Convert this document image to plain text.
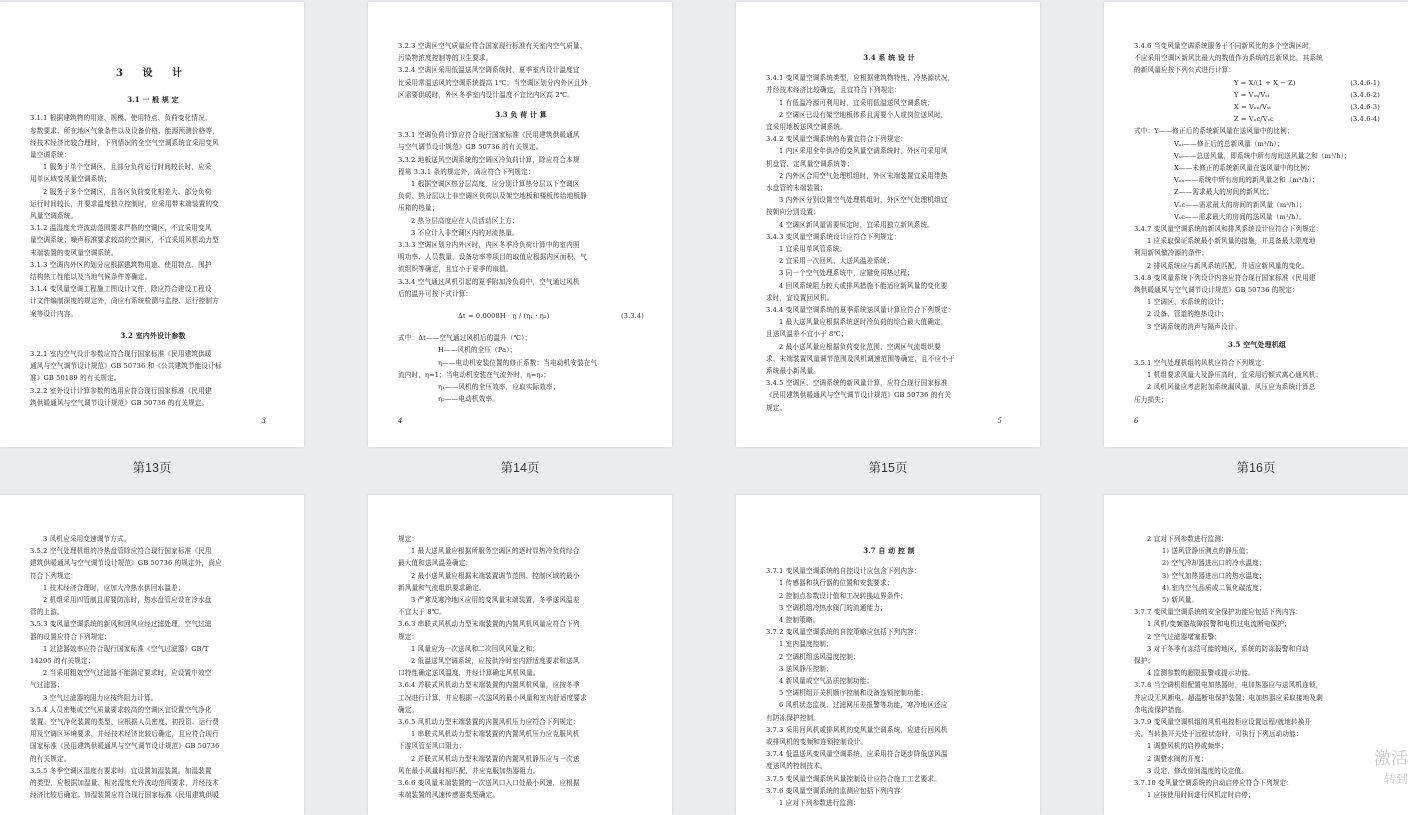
3 设 计
3.1 一 般 规 定
3.1.1 根据建筑物的用途、规模、使用特点、负荷变化情况、
参数要求、所在地区气象条件以及设备价格、能源预测价格等，
经技术经济比较合理时，下列情况的全空气空调系统宜采用变风
量空调系统：
1 服务于单个空调区，且部分负荷运行时间较长时，应采
用单区域变风量空调系统；
2 服务于多个空调区，且各区负荷变化相差大、部分负荷
运行时间较长，并要求温度独立控制时，应采用带末端装置的变
风量空调系统。
3.1.2 温湿度允许波动范围要求严格的空调区，不宜采用变风
量空调系统；噪声标准要求较高的空调区，不宜采用风机动力型
末端装置的变风量空调系统。
3.1.3 空调内外区的划分应根据建筑物用途、使用特点、围护
结构热工性能以及当地气候条件等确定。
3.1.4 变风量空调工程施工图设计文件，除应符合建设工程设
计文件编制深度的规定外，尚应有系统检测与监控、运行控制方
案等设计内容。
3.2 室内外设计参数
3.2.1 室内空气设计参数应符合现行国家标准《民用建筑供暖
通风与空气调节设计规范》GB 50736 和《公共建筑节能设计标
准》GB 50189 的有关规定。
3.2.2 室外设计计算参数的选用应符合现行国家标准《民用建
筑供暖通风与空气调节设计规范》GB 50736 的有关规定。
3
3.2.3 空调区空气质量应符合国家现行标准有关室内空气质量、
污染物浓度控制等的卫生要求。
3.2.4 空调区采用低温送风空调系统时，夏季室内设计温度宜
比采用常温送风的空调系统提高 1℃；当空调区划分内外区且外
区需要供暖时，外区冬季室内设计温度不宜比内区高 2℃。
3.3 负 荷 计 算
3.3.1 空调负荷计算应符合现行国家标准《民用建筑供暖通风
与空气调节设计规范》GB 50736 的有关规定。
3.3.2 地板送风空调系统的空调区冷负荷计算，除应符合本规
程第 3.3.1 条的规定外，尚应符合下列规定：
1 根据空调区热分层高度，应分别计算热分层以下空调区
负荷、热分层以上非空调区负荷以及架空地板和楼板传给地板静
压箱的热量；
2 热分层高度应在人员活动区上方；
3 不应计入非空调区内的对流热量。
3.3.3 空调区划分内外区时，内区冬季冷负荷计算中的室内照
明功率、人员数量、设备功率等项目的取值应根据内区面积、气
流组织等确定，且宜小于夏季的取值。
3.3.4 空气通过风机引起的夏季附加冷负荷中，空气通过风机
后的温升可按下式计算：
Δt = 0.0008H · η / (η₁ · η₂)	(3.3.4)
式中：Δt——空气通过风机后的温升（℃）；
H——风机的全压（Pa）；
η——电动机安装位置的修正系数：当电动机安装在气
流内时，η=1；当电动机安装在气流外时，η=η₂；
η₁——风机的全压效率，应取实际效率；
η₂——电动机效率。
4
3.4 系 统 设 计
3.4.1 变风量空调系统类型，应根据建筑物特性、冷热源状况，
并经技术经济比较确定，且宜符合下列规定：
1 有低温冷源可利用时，宜采用低温送风空调系统；
2 空调区已设有架空地板体系且需要个人或岗位送风时，
宜采用地板送风空调系统。
3.4.2 变风量空调系统的布置宜符合下列规定：
1 内区采用全年供冷的变风量空调系统时，外区可采用风
机盘管、定风量空调系统等；
2 内外区合用空气处理机组时，外区末端装置宜采用带热
水盘管的末端装置；
3 内外区分别设置空气处理机组时，外区空气处理机组宜
按朝向分别设置；
4 空调区新风量需要恒定时，宜采用独立新风系统。
3.4.3 变风量空调系统设计应符合下列规定：
1 宜采用单风管系统；
2 宜采用一次回风、大送风温差系统；
3 同一个空气处理系统中，应避免再热过程；
4 回风系统阻力较大或排风措施不能适应新风量的变化要
求时，宜设置回风机。
3.4.4 变风量空调系统的夏季系统送风量计算应符合下列规定：
1 最大送风量应根据系统逐时冷负荷的综合最大值确定，
且送风温差不宜小于 8℃；
2 最小送风量应根据负荷变化范围、空调区气流组织要
求、末端装置风量调节范围及风机调速范围等确定，且不应小于
系统最小新风量。
3.4.5 空调区、空调系统的新风量计算，应符合现行国家标准
《民用建筑供暖通风与空气调节设计规范》GB 50736 的有关
规定。
5
3.4.6 当变风量空调系统服务于不同新风比的多个空调区时，
不应采用空调区新风比最大的数值作为系统的总新风比，其系统
的新风量应按下列公式进行计算：
Y = X/(1 + X − Z)	(3.4.6-1)
Y = Vₒₜ/Vₛₜ	(3.4.6-2)
X = Vₒₙ/Vₛₜ	(3.4.6-3)
Z = Vₒc/Vₛc	(3.4.6-4)
式中：Y——修正后的系统新风量在送风量中的比例；
Vₒₜ——修正后的总新风量（m³/h）；
Vₛₜ——总送风量，即系统中所有房间送风量之和（m³/h）；
X——未修正的系统新风量在送风量中的比例；
Vₒₙ——系统中所有房间的新风量之和（m³/h）；
Z——需求最大的房间的新风比；
Vₒc——需求最大的房间的新风量（m³/h）；
Vₛc——需求最大的房间的送风量（m³/h）。
3.4.7 变风量空调系统的新风和排风系统设计应符合下列规定：
1 应采取保证系统最小新风量的措施，并具备最大限度地
利用新风做冷源的条件；
2 排风系统应与新风系统匹配，并适应新风量的变化。
3.4.8 变风量系统下列设计内容应符合现行国家标准《民用建
筑供暖通风与空气调节设计规范》GB 50736 的规定：
1 空调区、水系统的设计；
2 设备、管道的绝热设计；
3 空调系统的消声与隔声设计。
3.5 空气处理机组
3.5.1 空气处理机组的风机应符合下列规定：
1 机组要求风量大及静压高时，宜采用后倾式离心通风机；
2 风机风量应考虑附加系统漏风量，风压应为系统计算总
压力损失；
6
第13页	第14页	第15页	第16页
3 风机应采用变速调节方式。
3.5.2 空气处理机组的冷热盘管除应符合现行国家标准《民用
建筑供暖通风与空气调节设计规范》GB 50736 的规定外，尚应
符合下列规定：
1 技术经济合理时，应加大冷热水供回水温差；
2 机组采用四管制且需要防冻时，热水盘管应设在冷水盘
管的上游。
3.5.3 变风量空调系统的新风和回风应经过滤处理，空气过滤
器的设置应符合下列规定：
1 过滤器效率应符合现行国家标准《空气过滤器》GB/T
14295 的有关规定；
2 当采用粗效空气过滤器不能满足要求时，应设置中效空
气过滤器；
3 空气过滤器的阻力应按终阻力计算。
3.5.4 人员密集或空气质量要求较高的空调区宜设置空气净化
装置。空气净化装置的类型，应根据人员密度、初投资、运行费
用及空调区环境要求，并经技术经济比较后确定，且应符合现行
国家标准《民用建筑供暖通风与空气调节设计规范》GB 50736
的有关规定。
3.5.5 冬季空调区湿度有要求时，宜设置加湿装置。加湿装置
的类型，应根据加湿量、相对湿度允许波动范围要求，并经技术
经济比较后确定。加湿装置应符合现行国家标准《民用建筑供暖
规定：
1 最大送风量应根据所服务空调区的逐时显热冷负荷综合
最大值和送风温差确定；
2 最小送风量应根据末端装置调节范围、控制区域的最小
新风量和气流组织要求确定。
3 严寒及寒冷地区应用的变风量末端装置，冬季送风温差
不宜大于 8℃。
3.6.3 串联式风机动力型末端装置的内置风机风量应符合下列
规定：
1 风量应为一次送风和二次回风风量之和；
2 低温送风空调系统，应按供冷时室内舒适度要求和送风
口特性确定送风温度，并经计算确定风机风量。
3.6.4 并联式风机动力型末端装置的内置风机风量，应按冬季
工况进行计算，并应根据一次送风的最小风量和室内舒适度要求
确定。
3.6.5 风机动力型末端装置的内置风机压力应符合下列规定：
1 串联式风机动力型末端装置的内置风机压力应克服风机
下游风管至风口阻力；
2 并联式风机动力型末端装置的内置风机静压应与一次送
风在最小风量时相匹配，并应克服加热器阻力。
3.6.6 变风量末端装置的一次送风口入口处最小风速，应根据
末端装置的风速传感器类型确定。
3.7 自 动 控 制
3.7.1 变风量空调系统的自控设计应包含下列内容：
1 传感器和执行器的位置和安装要求；
2 控制点参数设计值和工况转换边界条件；
3 空调机组冷热水阀门的流通能力；
4 控制策略。
3.7.2 变风量空调系统的自控策略应包括下列内容：
1 室内温度控制；
2 空调机组送风温度控制；
3 送风静压控制；
4 新风量或空气品质控制功能；
5 空调机组开关机顺序控制和设备连锁控制功能；
6 风机状态监视、过滤网压差报警等功能，寒冷地区还应
有防冻保护控制。
3.7.3 采用回风机或排风机的变风量空调系统，应进行回风机
或排风机的变频和连锁控制设计。
3.7.4 低温送风变风量空调系统，应采用符合逐步降低送风温
度送风的控制技术。
3.7.5 变风量空调系统风量控制设计应符合施工工艺要求。
3.7.6 变风量空调系统的监测应包括下列内容：
1 应对下列参数进行监测：
2 宜对下列参数进行监测：
1) 送风管静压测点的静压值；
2) 空气冷却器进出口的冷水温度；
3) 空气加热器进出口的热水温度；
4) 室内空气品质或二氧化碳浓度；
5) 新风量。
3.7.7 变风量空调系统的安全保护功能应包括下列内容：
1 风机/变频器故障报警和电机过电流断电保护；
2 空气过滤器堵塞报警；
3 对于冬季有冻结可能的地区，系统的防冻报警和自动
保护；
4 监测参数的超限报警或提示功能。
3.7.8 当空调机组配置电加热器时，电加热器应与送风机连锁，
并应设无风断电、超温断电保护装置；电加热器应采取接地及剩
余电流保护措施。
3.7.9 变风量空调机组的风机电控柜应设置远程/就地转换开
关。当转换开关处于远程状态时，可执行下列远动功能：
1 调整风机的启停或频率；
2 调整水阀的开度；
3 设定、修改房间温度的设定值。
3.7.10 变风量空调系统的自动启停应符合下列规定：
1 应按使用时间进行风机定时启停；
激活
转到
